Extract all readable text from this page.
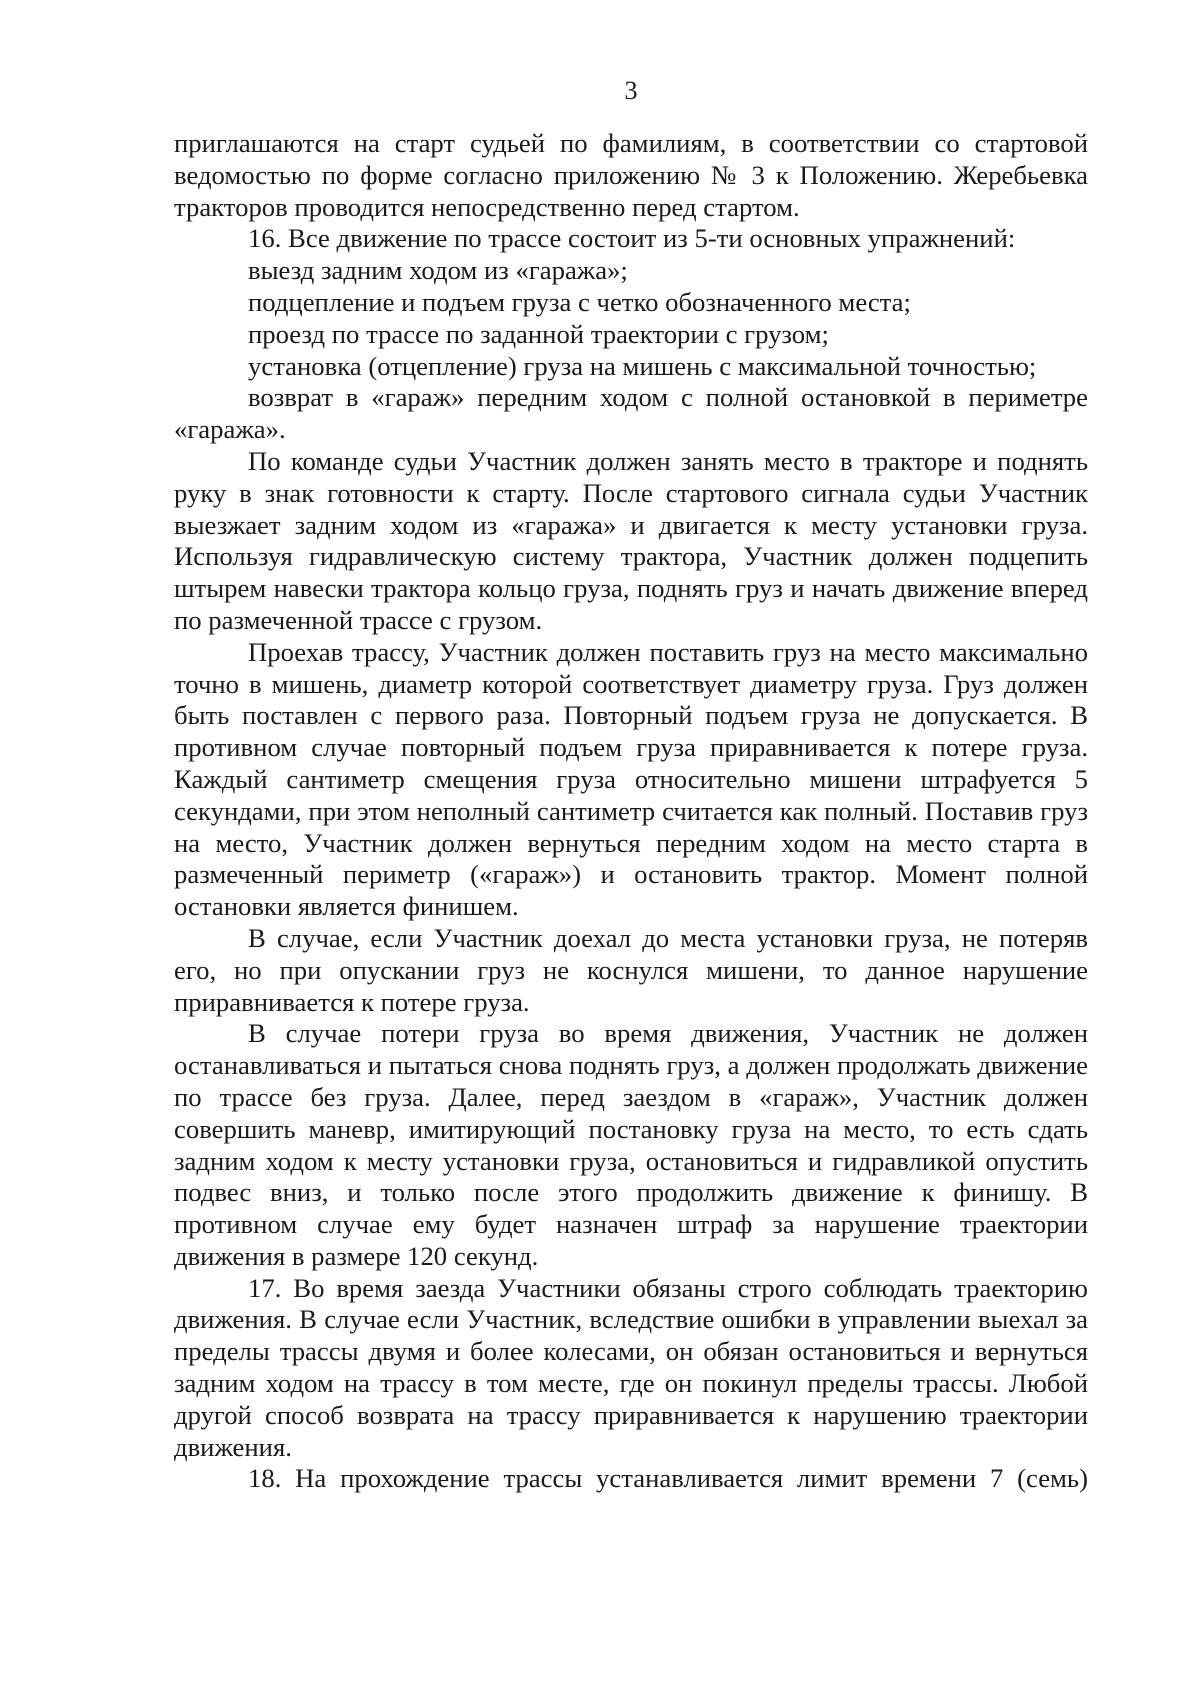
3

приглашаются на старт судьей по фамилиям, в соответствии со стартовой ведомостью по форме согласно приложению № 3 к Положению. Жеребьевка тракторов проводится непосредственно перед стартом.

16. Все движение по трассе состоит из 5-ти основных упражнений:

выезд задним ходом из «гаража»;

подцепление и подъем груза с четко обозначенного места;

проезд по трассе по заданной траектории с грузом;

установка (отцепление) груза на мишень с максимальной точностью;

возврат в «гараж» передним ходом с полной остановкой в периметре «гаража».

По команде судьи Участник должен занять место в тракторе и поднять руку в знак готовности к старту. После стартового сигнала судьи Участник выезжает задним ходом из «гаража» и двигается к месту установки груза. Используя гидравлическую систему трактора, Участник должен подцепить штырем навески трактора кольцо груза, поднять груз и начать движение вперед по размеченной трассе с грузом.

Проехав трассу, Участник должен поставить груз на место максимально точно в мишень, диаметр которой соответствует диаметру груза. Груз должен быть поставлен с первого раза. Повторный подъем груза не допускается. В противном случае повторный подъем груза приравнивается к потере груза. Каждый сантиметр смещения груза относительно мишени штрафуется 5 секундами, при этом неполный сантиметр считается как полный. Поставив груз на место, Участник должен вернуться передним ходом на место старта в размеченный периметр («гараж») и остановить трактор. Момент полной остановки является финишем.

В случае, если Участник доехал до места установки груза, не потеряв его, но при опускании груз не коснулся мишени, то данное нарушение приравнивается к потере груза.

В случае потери груза во время движения, Участник не должен останавливаться и пытаться снова поднять груз, а должен продолжать движение по трассе без груза. Далее, перед заездом в «гараж», Участник должен совершить маневр, имитирующий постановку груза на место, то есть сдать задним ходом к месту установки груза, остановиться и гидравликой опустить подвес вниз, и только после этого продолжить движение к финишу. В противном случае ему будет назначен штраф за нарушение траектории движения в размере 120 секунд.

17. Во время заезда Участники обязаны строго соблюдать траекторию движения. В случае если Участник, вследствие ошибки в управлении выехал за пределы трассы двумя и более колесами, он обязан остановиться и вернуться задним ходом на трассу в том месте, где он покинул пределы трассы. Любой другой способ возврата на трассу приравнивается к нарушению траектории движения.

18. На прохождение трассы устанавливается лимит времени 7 (семь)
